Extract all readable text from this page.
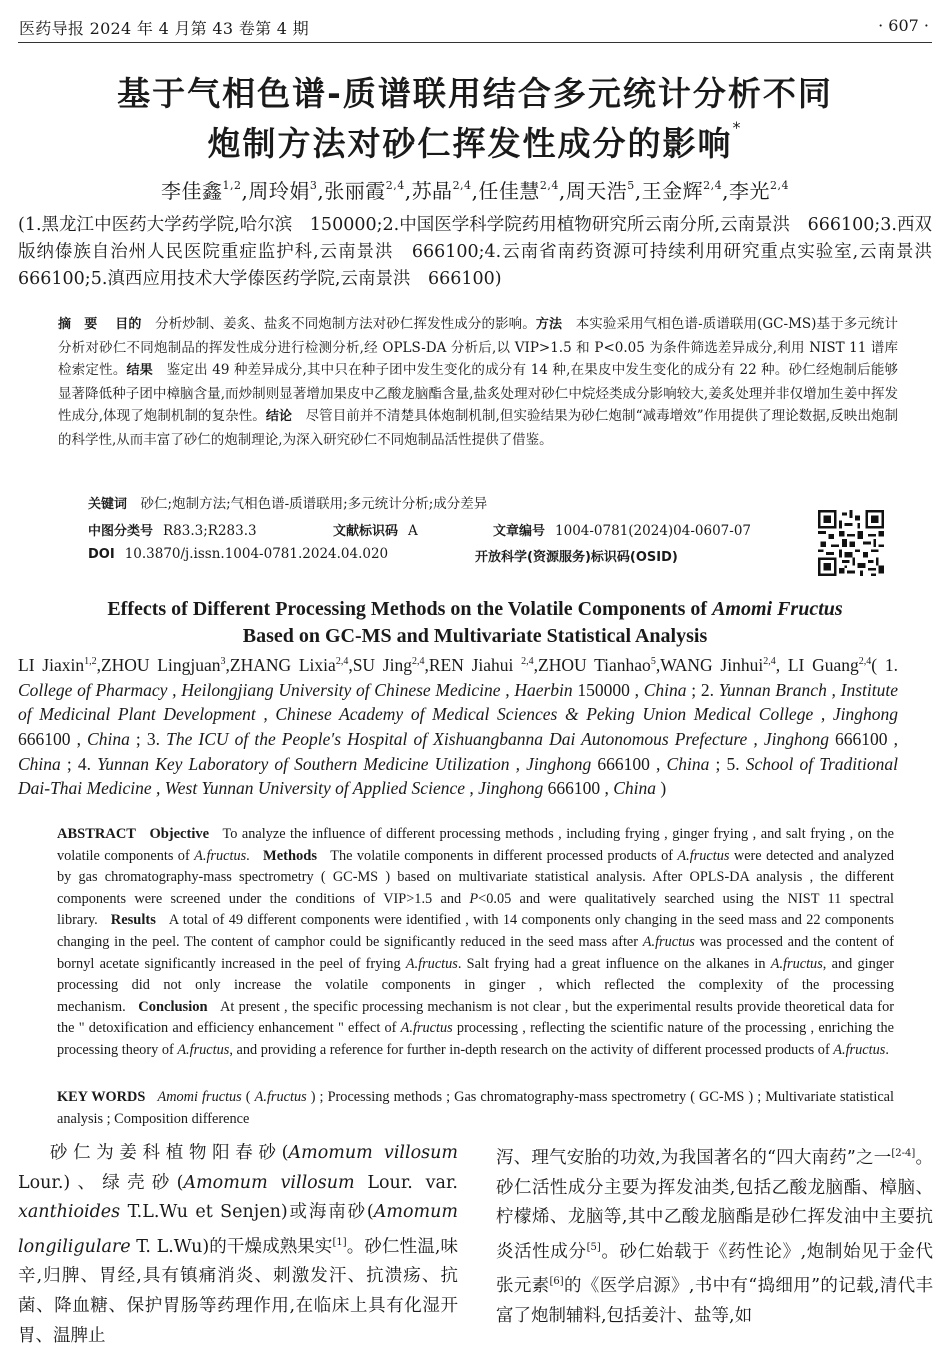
医药导报 2024 年 4 月第 43 卷第 4 期	· 607 ·
基于气相色谱-质谱联用结合多元统计分析不同
炮制方法对砂仁挥发性成分的影响*
李佳鑫$^{1,2}$,周玲娟$^3$,张丽霞$^{2,4}$,苏晶$^{2,4}$,任佳慧$^{2,4}$,周天浩$^5$,王金辉$^{2,4}$,李光$^{2,4}$
(1.黑龙江中医药大学药学院,哈尔滨　150000;2.中国医学科学院药用植物研究所云南分所,云南景洪　666100;3.西双版纳傣族自治州人民医院重症监护科,云南景洪　666100;4.云南省南药资源可持续利用研究重点实验室,云南景洪　666100;5.滇西应用技术大学傣医药学院,云南景洪　666100)
摘　要　 目的　 分析炒制、姜炙、盐炙不同炮制方法对砂仁挥发性成分的影响。方法　 本实验采用气相色谱-质谱联用(GC-MS)基于多元统计分析对砂仁不同炮制品的挥发性成分进行检测分析,经 OPLS-DA 分析后,以 VIP>1.5 和 P<0.05 为条件筛选差异成分,利用 NIST 11 谱库检索定性。结果　 鉴定出 49 种差异成分,其中只在种子团中发生变化的成分有 14 种,在果皮中发生变化的成分有 22 种。砂仁经炮制后能够显著降低种子团中樟脑含量,而炒制则显著增加果皮中乙酸龙脑酯含量,盐炙处理对砂仁中烷烃类成分影响较大,姜炙处理并非仅增加生姜中挥发性成分,体现了炮制机制的复杂性。结论　 尽管目前并不清楚具体炮制机制,但实验结果为砂仁炮制“减毒增效”作用提供了理论数据,反映出炮制的科学性,从而丰富了砂仁的炮制理论,为深入研究砂仁不同炮制品活性提供了借鉴。
关键词　 砂仁;炮制方法;气相色谱-质谱联用;多元统计分析;成分差异
中图分类号 R83.3;R283.3	文献标识码 A	文章编号 1004-0781(2024)04-0607-07
DOI 10.3870/j.issn.1004-0781.2024.04.020	开放科学(资源服务)标识码(OSID)
Effects of Different Processing Methods on the Volatile Components of Amomi Fructus
Based on GC-MS and Multivariate Statistical Analysis
LI Jiaxin$^{1,2}$,ZHOU Lingjuan$^3$,ZHANG Lixia$^{2,4}$,SU Jing$^{2,4}$,REN Jiahui $^{2,4}$,ZHOU Tianhao$^5$,WANG Jinhui$^{2,4}$, LI Guang$^{2,4}$( 1. College of Pharmacy , Heilongjiang University of Chinese Medicine , Haerbin 150000 , China ; 2. Yunnan Branch , Institute of Medicinal Plant Development , Chinese Academy of Medical Sciences & Peking Union Medical College , Jinghong 666100 , China ; 3. The ICU of the People′s Hospital of Xishuangbanna Dai Autonomous Prefecture , Jinghong 666100 , China ; 4. Yunnan Key Laboratory of Southern Medicine Utilization , Jinghong 666100 , China ; 5. School of Traditional Dai-Thai Medicine , West Yunnan University of Applied Science , Jinghong 666100 , China )
ABSTRACT Objective To analyze the influence of different processing methods , including frying , ginger frying , and salt frying , on the volatile components of A.fructus. Methods The volatile components in different processed products of A.fructus were detected and analyzed by gas chromatography-mass spectrometry ( GC-MS ) based on multivariate statistical analysis. After OPLS-DA analysis , the different components were screened under the conditions of VIP>1.5 and P<0.05 and were qualitatively searched using the NIST 11 spectral library. Results A total of 49 different components were identified , with 14 components only changing in the seed mass and 22 components changing in the peel. The content of camphor could be significantly reduced in the seed mass after A.fructus was processed and the content of bornyl acetate significantly increased in the peel of frying A.fructus. Salt frying had a great influence on the alkanes in A.fructus, and ginger processing did not only increase the volatile components in ginger , which reflected the complexity of the processing mechanism. Conclusion At present , the specific processing mechanism is not clear , but the experimental results provide theoretical data for the " detoxification and efficiency enhancement " effect of A.fructus processing , reflecting the scientific nature of the processing , enriching the processing theory of A.fructus, and providing a reference for further in-depth research on the activity of different processed products of A.fructus.
KEY WORDS Amomi fructus ( A.fructus ) ; Processing methods ; Gas chromatography-mass spectrometry ( GC-MS ) ; Multivariate statistical analysis ; Composition difference
  砂仁为姜科植物阳春砂(Amomum villosum Lour.)、绿壳砂(Amomum villosum Lour. var. xanthioides T.L.Wu et Senjen)或海南砂(Amomum longiligulare T. L.Wu)的干燥成熟果实[1]。砂仁性温,味辛,归脾、胃经,具有镇痛消炎、刺激发汗、抗溃疡、抗菌、降血糖、保护胃肠等药理作用,在临床上具有化湿开胃、温脾止
泻、理气安胎的功效,为我国著名的“四大南药”之一[2-4]。砂仁活性成分主要为挥发油类,包括乙酸龙脑酯、樟脑、柠檬烯、龙脑等,其中乙酸龙脑酯是砂仁挥发油中主要抗炎活性成分[5]。砂仁始载于《药性论》,炮制始见于金代张元素[6]的《医学启源》,书中有“捣细用”的记载,清代丰富了炮制辅料,包括姜汁、盐等,如
